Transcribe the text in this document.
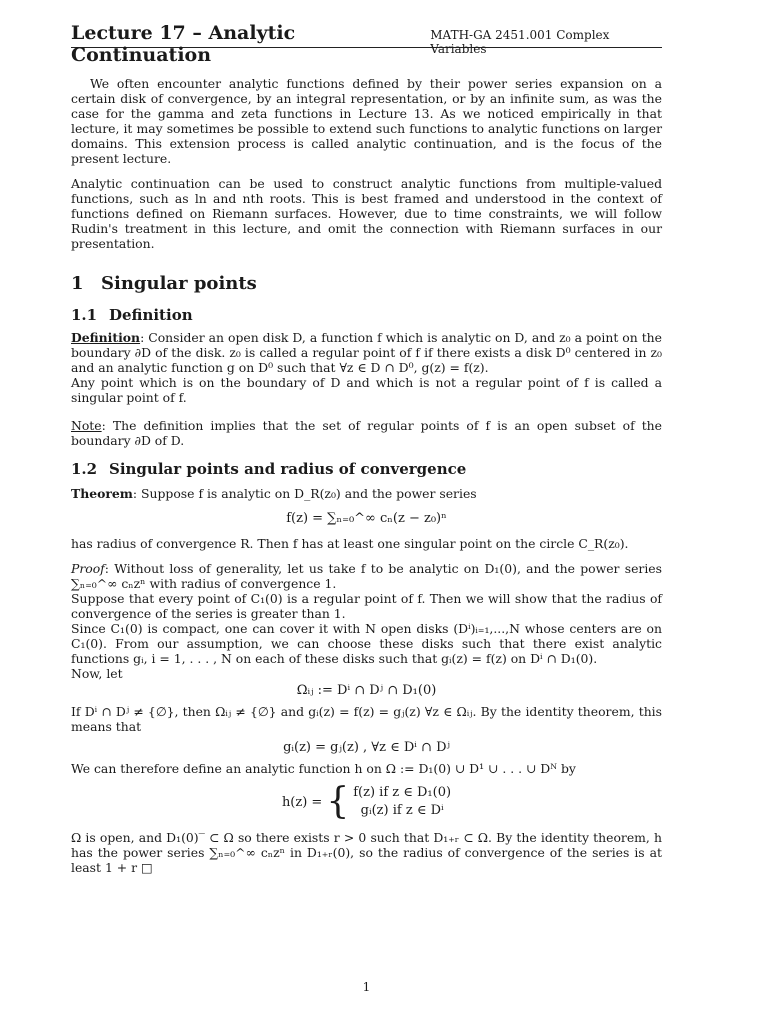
Lecture 17 – Analytic Continuation
MATH-GA 2451.001 Complex Variables

We often encounter analytic functions defined by their power series expansion on a certain disk of convergence, by an integral representation, or by an infinite sum, as was the case for the gamma and zeta functions in Lecture 13. As we noticed empirically in that lecture, it may sometimes be possible to extend such functions to analytic functions on larger domains. This extension process is called analytic continuation, and is the focus of the present lecture.

Analytic continuation can be used to construct analytic functions from multiple-valued functions, such as ln and nth roots. This is best framed and understood in the context of functions defined on Riemann surfaces. However, due to time constraints, we will follow Rudin's treatment in this lecture, and omit the connection with Riemann surfaces in our presentation.

1 Singular points
1.1 Definition

Definition: Consider an open disk D, a function f which is analytic on D, and z₀ a point on the boundary ∂D of the disk. z₀ is called a regular point of f if there exists a disk D⁰ centered in z₀ and an analytic function g on D⁰ such that ∀z ∈ D ∩ D⁰, g(z) = f(z).

Any point which is on the boundary of D and which is not a regular point of f is called a singular point of f.

Note: The definition implies that the set of regular points of f is an open subset of the boundary ∂D of D.

1.2 Singular points and radius of convergence

Theorem: Suppose f is analytic on D_R(z₀) and the power series

f(z) = ∑ₙ₌₀^∞ cₙ(z − z₀)ⁿ

has radius of convergence R. Then f has at least one singular point on the circle C_R(z₀).

Proof: Without loss of generality, let us take f to be analytic on D₁(0), and the power series ∑ₙ₌₀^∞ cₙzⁿ with radius of convergence 1.

Suppose that every point of C₁(0) is a regular point of f. Then we will show that the radius of convergence of the series is greater than 1.

Since C₁(0) is compact, one can cover it with N open disks (Dⁱ)ᵢ₌₁,...,N whose centers are on C₁(0). From our assumption, we can choose these disks such that there exist analytic functions gᵢ, i = 1, . . . , N on each of these disks such that gᵢ(z) = f(z) on Dⁱ ∩ D₁(0).

Now, let

Ωᵢⱼ := Dⁱ ∩ Dʲ ∩ D₁(0)

If Dⁱ ∩ Dʲ ≠ {∅}, then Ωᵢⱼ ≠ {∅} and gᵢ(z) = f(z) = gⱼ(z) ∀z ∈ Ωᵢⱼ. By the identity theorem, this means that

gᵢ(z) = gⱼ(z) , ∀z ∈ Dⁱ ∩ Dʲ

We can therefore define an analytic function h on Ω := D₁(0) ∪ D¹ ∪ . . . ∪ Dᴺ by

h(z) = { f(z) if z ∈ D₁(0)
gᵢ(z) if z ∈ Dⁱ

Ω is open, and D₁(0)‾ ⊂ Ω so there exists r > 0 such that D₁₊ᵣ ⊂ Ω. By the identity theorem, h has the power series ∑ₙ₌₀^∞ cₙzⁿ in D₁₊ᵣ(0), so the radius of convergence of the series is at least 1 + r □

1
